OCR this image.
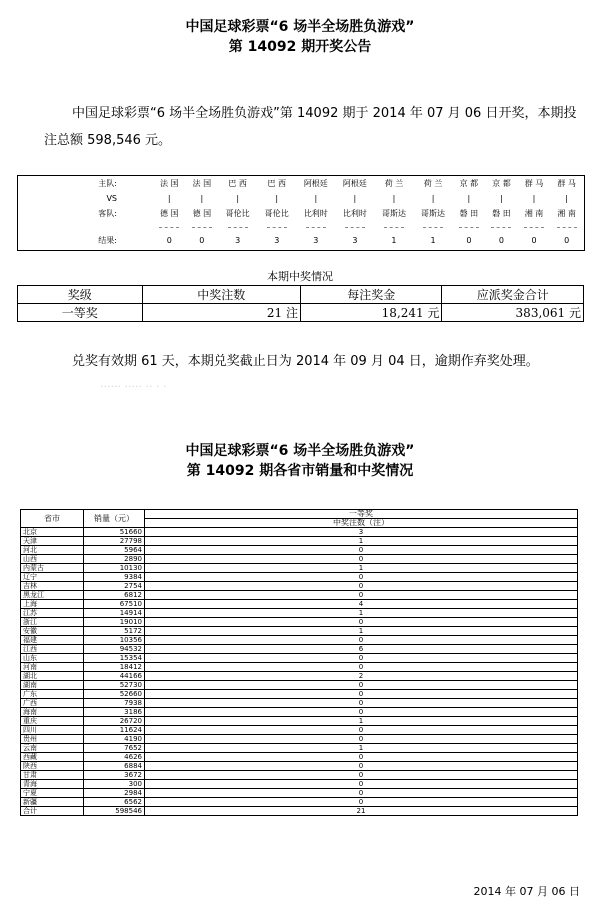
中国足球彩票“6 场半全场胜负游戏”
第 14092 期开奖公告
中国足球彩票“6 场半全场胜负游戏”第 14092 期于 2014 年 07 月 06 日开奖，本期投注总额 598,546 元。
主队:	法 国	法 国	巴 西	巴 西	阿根廷	阿根廷	荷 兰	荷 兰	京 都	京 都	群 马	群 马
VS	|	|	|	|	|	|	|	|	|	|	|	|
客队:	德 国	德 国	哥伦比	哥伦比	比利时	比利时	哥斯达	哥斯达	磐 田	磐 田	湘 南	湘 南

结果:	0	0	3	3	3	3	1	1	0	0	0	0
本期中奖情况
奖级	中奖注数	每注奖金	应派奖金合计
一等奖	21 注	18,241 元	383,061 元
兑奖有效期 61 天，本期兑奖截止日为 2014 年 09 月 04 日，逾期作弃奖处理。
...... ..... .. . .
中国足球彩票“6 场半全场胜负游戏”
第 14092 期各省市销量和中奖情况
省市	销量（元）	一等奖
		中奖注数（注）
北京	51660	3
天津	27798	1
河北	5964	0
山西	2890	0
内蒙古	10130	1
辽宁	9384	0
吉林	2754	0
黑龙江	6812	0
上海	67510	4
江苏	14914	1
浙江	19010	0
安徽	5172	1
福建	10356	0
江西	94532	6
山东	15354	0
河南	18412	0
湖北	44166	2
湖南	52730	0
广东	52660	0
广西	7938	0
海南	3186	0
重庆	26720	1
四川	11624	0
贵州	4190	0
云南	7652	1
西藏	4626	0
陕西	6884	0
甘肃	3672	0
青海	300	0
宁夏	2984	0
新疆	6562	0
合计	598546	21
2014 年 07 月 06 日
